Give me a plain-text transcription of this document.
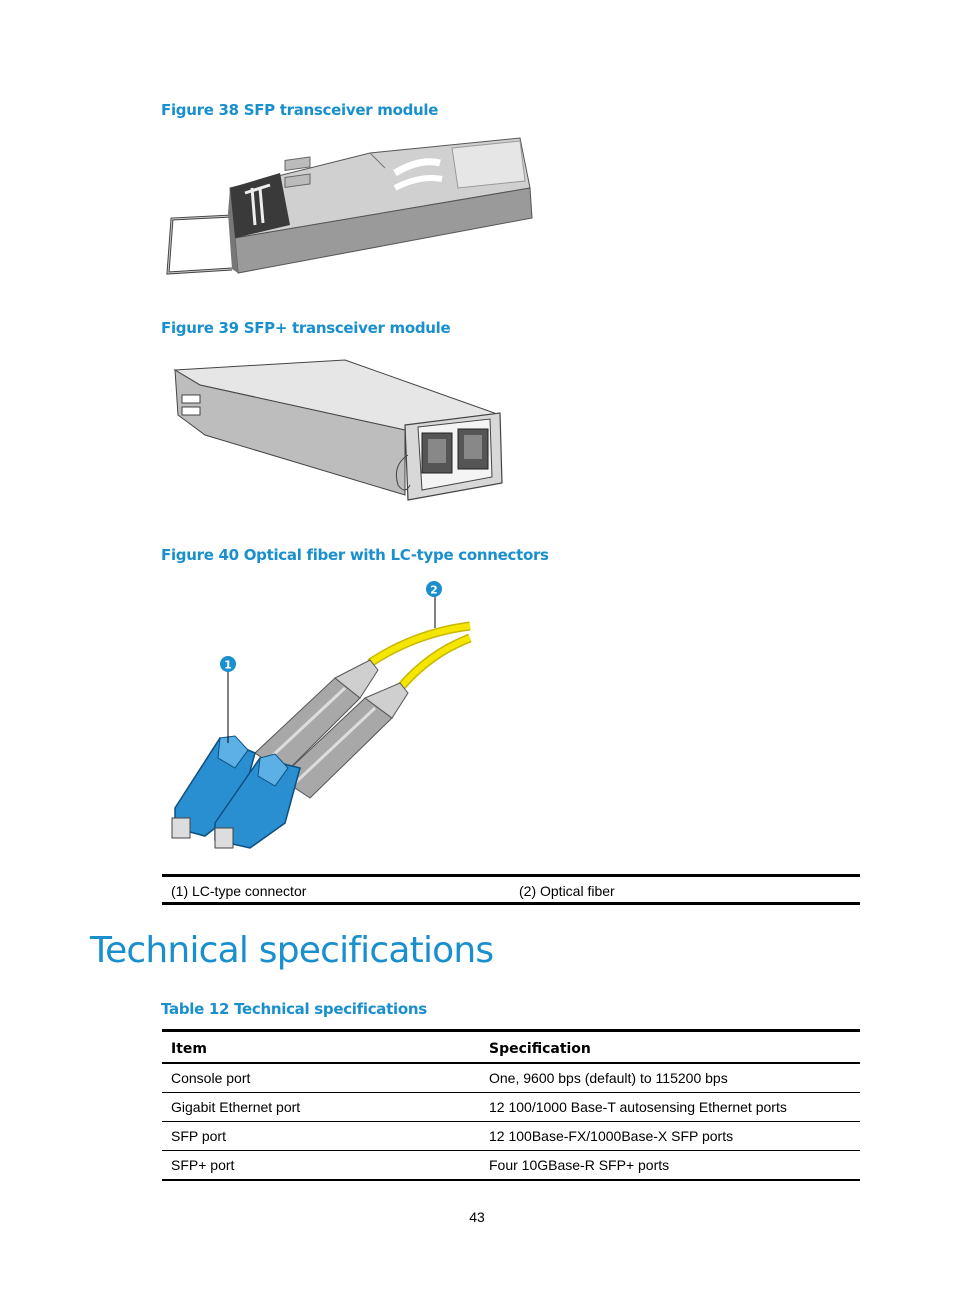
Figure 38 SFP transceiver module
Figure 39 SFP+ transceiver module
Figure 40 Optical fiber with LC-type connectors
1
2
(1) LC-type connector	(2) Optical fiber
Technical specifications
Table 12 Technical specifications
Item	Specification
Console port	One, 9600 bps (default) to 115200 bps
Gigabit Ethernet port	12 100/1000 Base-T autosensing Ethernet ports
SFP port	12 100Base-FX/1000Base-X SFP ports
SFP+ port	Four 10GBase-R SFP+ ports
43
